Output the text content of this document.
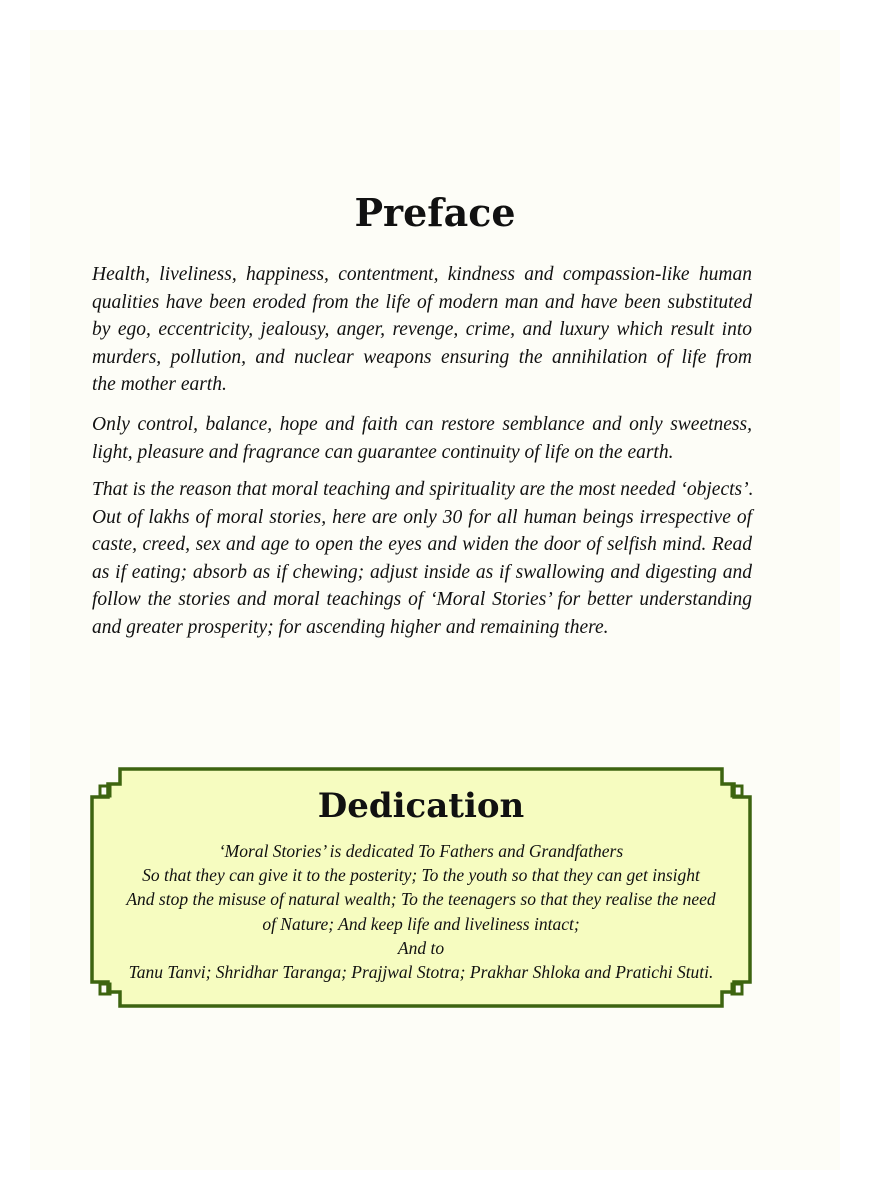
Preface
Health, liveliness, happiness, contentment, kindness and compassion-like human
qualities have been eroded from the life of modern man and have been substituted
by ego, eccentricity, jealousy, anger, revenge, crime, and luxury which result into
murders, pollution, and nuclear weapons ensuring the annihilation of life from
the mother earth.
Only control, balance, hope and faith can restore semblance and only sweetness,
light, pleasure and fragrance can guarantee continuity of life on the earth.
That is the reason that moral teaching and spirituality are the most needed ‘objects’.
Out of lakhs of moral stories, here are only 30 for all human beings irrespective of
caste, creed, sex and age to open the eyes and widen the door of selfish mind. Read
as if eating; absorb as if chewing; adjust inside as if swallowing and digesting and
follow the stories and moral teachings of ‘Moral Stories’ for better understanding
and greater prosperity; for ascending higher and remaining there.
Dedication
‘Moral Stories’ is dedicated To Fathers and Grandfathers
So that they can give it to the posterity; To the youth so that they can get insight
And stop the misuse of natural wealth; To the teenagers so that they realise the need
of Nature; And keep life and liveliness intact;
And to
Tanu Tanvi; Shridhar Taranga; Prajjwal Stotra; Prakhar Shloka and Pratichi Stuti.
